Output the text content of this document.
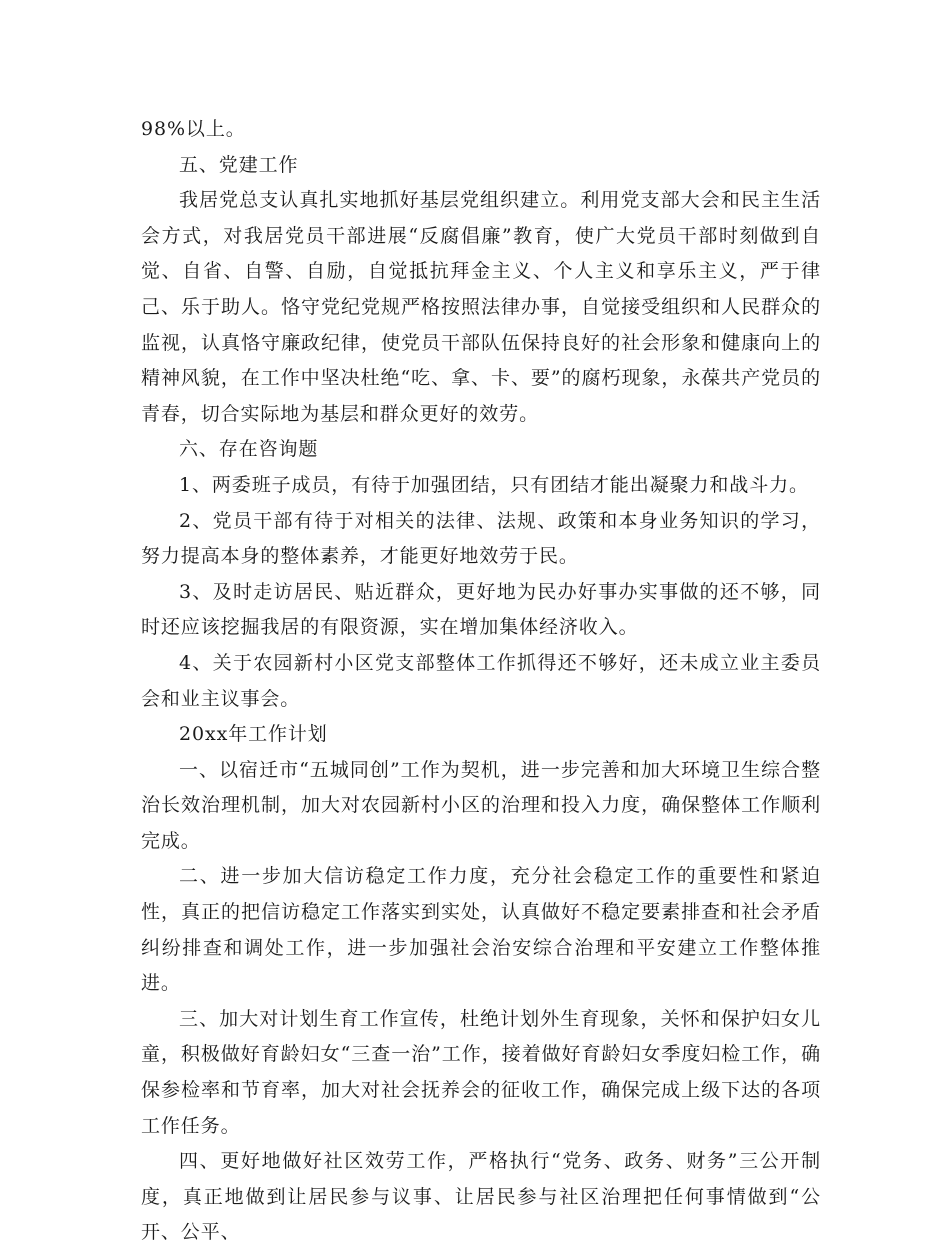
98%以上。

五、党建工作

我居党总支认真扎实地抓好基层党组织建立。利用党支部大会和民主生活会方式，对我居党员干部进展“反腐倡廉”教育，使广大党员干部时刻做到自觉、自省、自警、自励，自觉抵抗拜金主义、个人主义和享乐主义，严于律己、乐于助人。恪守党纪党规严格按照法律办事，自觉接受组织和人民群众的监视，认真恪守廉政纪律，使党员干部队伍保持良好的社会形象和健康向上的精神风貌，在工作中坚决杜绝“吃、拿、卡、要”的腐朽现象，永葆共产党员的青春，切合实际地为基层和群众更好的效劳。

六、存在咨询题

1、两委班子成员，有待于加强团结，只有团结才能出凝聚力和战斗力。

2、党员干部有待于对相关的法律、法规、政策和本身业务知识的学习，努力提高本身的整体素养，才能更好地效劳于民。

3、及时走访居民、贴近群众，更好地为民办好事办实事做的还不够，同时还应该挖掘我居的有限资源，实在增加集体经济收入。

4、关于农园新村小区党支部整体工作抓得还不够好，还未成立业主委员会和业主议事会。

20xx年工作计划

一、以宿迁市“五城同创”工作为契机，进一步完善和加大环境卫生综合整治长效治理机制，加大对农园新村小区的治理和投入力度，确保整体工作顺利完成。

二、进一步加大信访稳定工作力度，充分社会稳定工作的重要性和紧迫性，真正的把信访稳定工作落实到实处，认真做好不稳定要素排查和社会矛盾纠纷排查和调处工作，进一步加强社会治安综合治理和平安建立工作整体推进。

三、加大对计划生育工作宣传，杜绝计划外生育现象，关怀和保护妇女儿童，积极做好育龄妇女“三查一治”工作，接着做好育龄妇女季度妇检工作，确保参检率和节育率，加大对社会抚养会的征收工作，确保完成上级下达的各项工作任务。

四、更好地做好社区效劳工作，严格执行“党务、政务、财务”三公开制度，真正地做到让居民参与议事、让居民参与社区治理把任何事情做到“公开、公平、
